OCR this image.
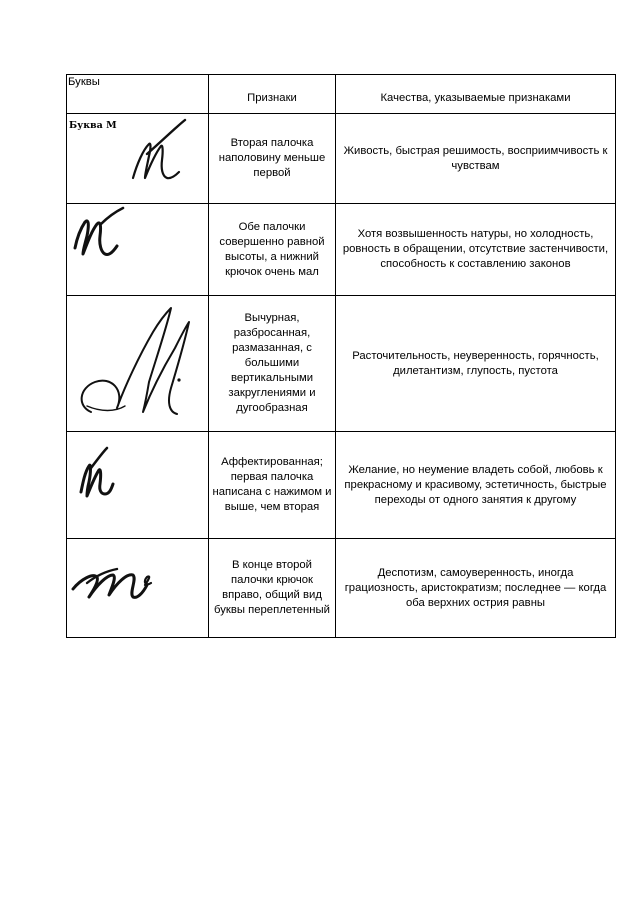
Буквы	Признаки	Качества, указываемые признаками

Буква М	Вторая палочка наполовину меньше первой	Живость, быстрая решимость, восприимчивость к чувствам

	Обе палочки совершенно равной высоты, а нижний крючок очень мал	Хотя возвышенность натуры, но холодность, ровность в обращении, отсутствие застенчивости, способность к составлению законов

	Вычурная, разбросанная, размазанная, с большими вертикальными закруглениями и дугообразная	Расточительность, неуверенность, горячность, дилетантизм, глупость, пустота

	Аффектированная; первая палочка написана с нажимом и выше, чем вторая	Желание, но неумение владеть собой, любовь к прекрасному и красивому, эстетичность, быстрые переходы от одного занятия к другому

	В конце второй палочки крючок вправо, общий вид буквы переплетенный	Деспотизм, самоуверенность, иногда грациозность, аристократизм; последнее — когда оба верхних острия равны
